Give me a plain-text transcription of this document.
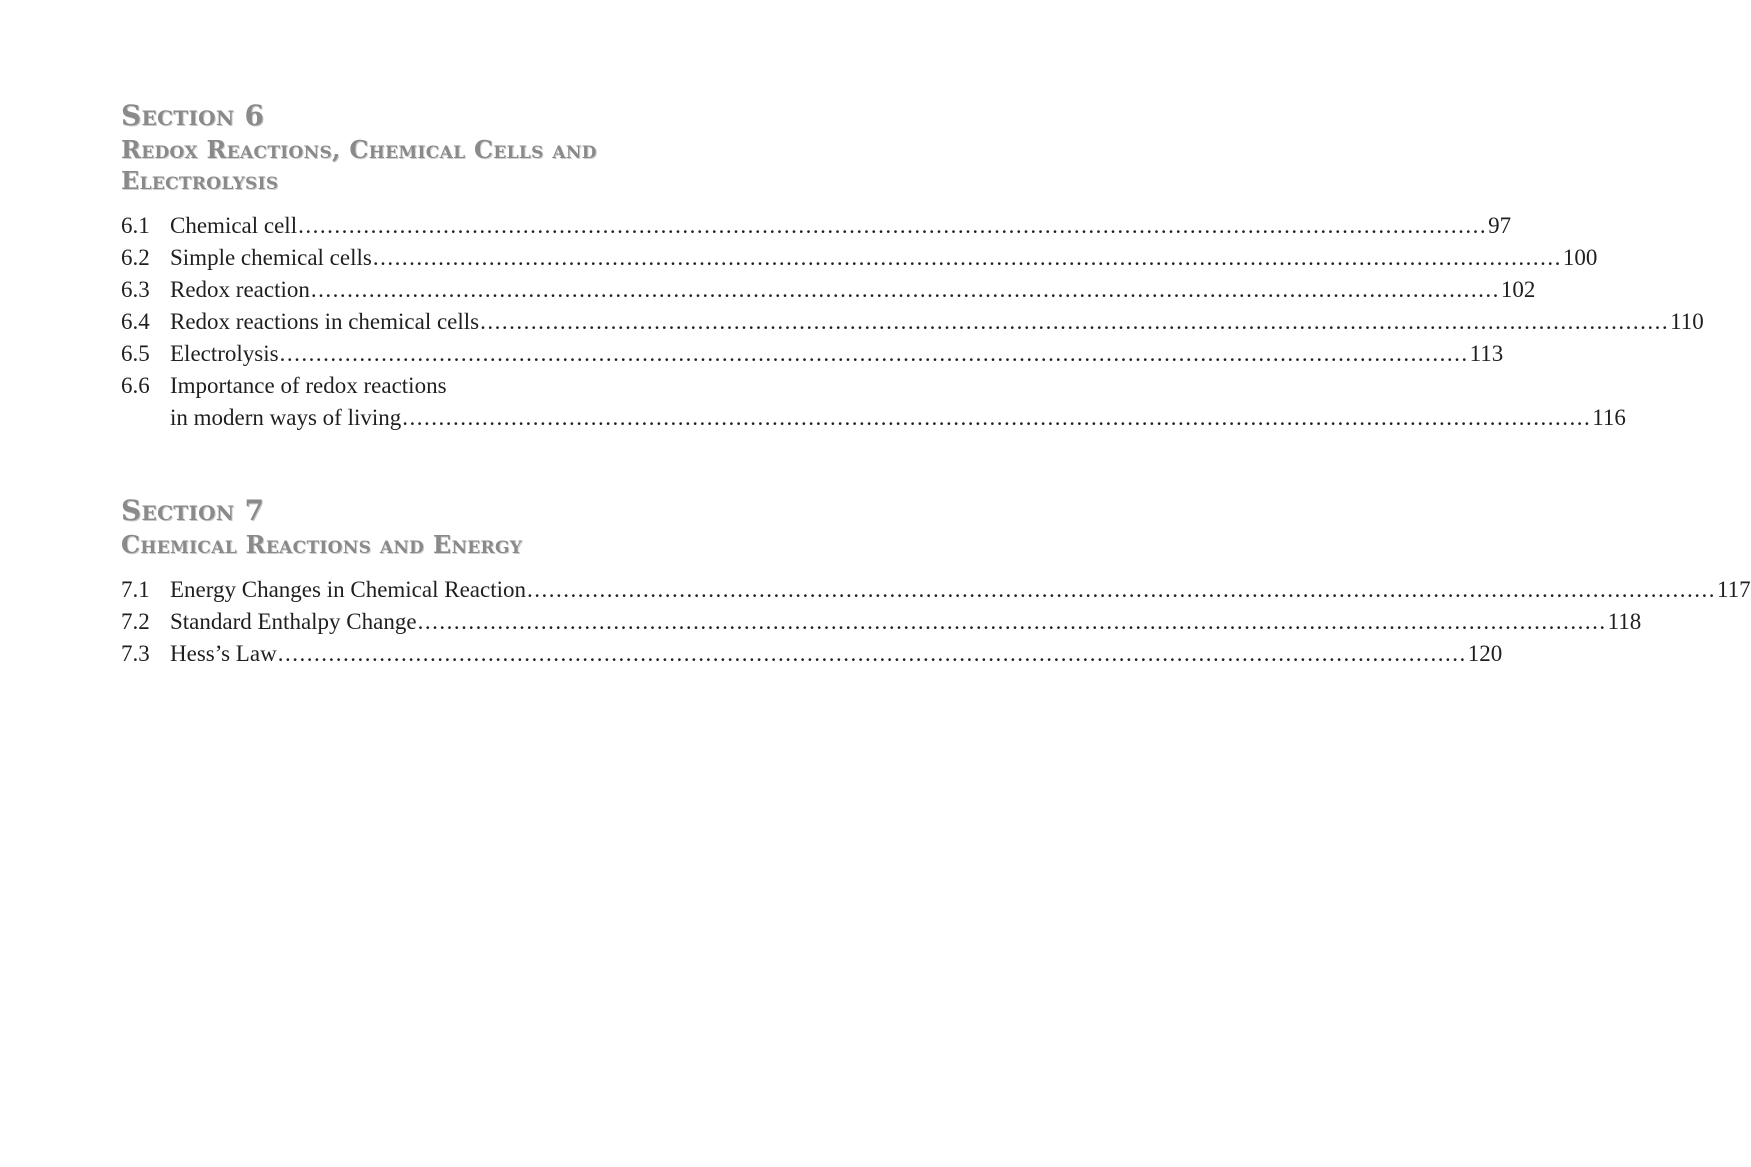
Section 6
Redox Reactions, Chemical Cells and
Electrolysis
6.1 Chemical cell .....	97
6.2 Simple chemical cells .....	100
6.3 Redox reaction .....	102
6.4 Redox reactions in chemical cells .....	110
6.5 Electrolysis .....	113
6.6 Importance of redox reactions
in modern ways of living .....	116
Section 7
Chemical Reactions and Energy
7.1 Energy Changes in Chemical Reaction .....	117
7.2 Standard Enthalpy Change .....	118
7.3 Hess’s Law .....	120
